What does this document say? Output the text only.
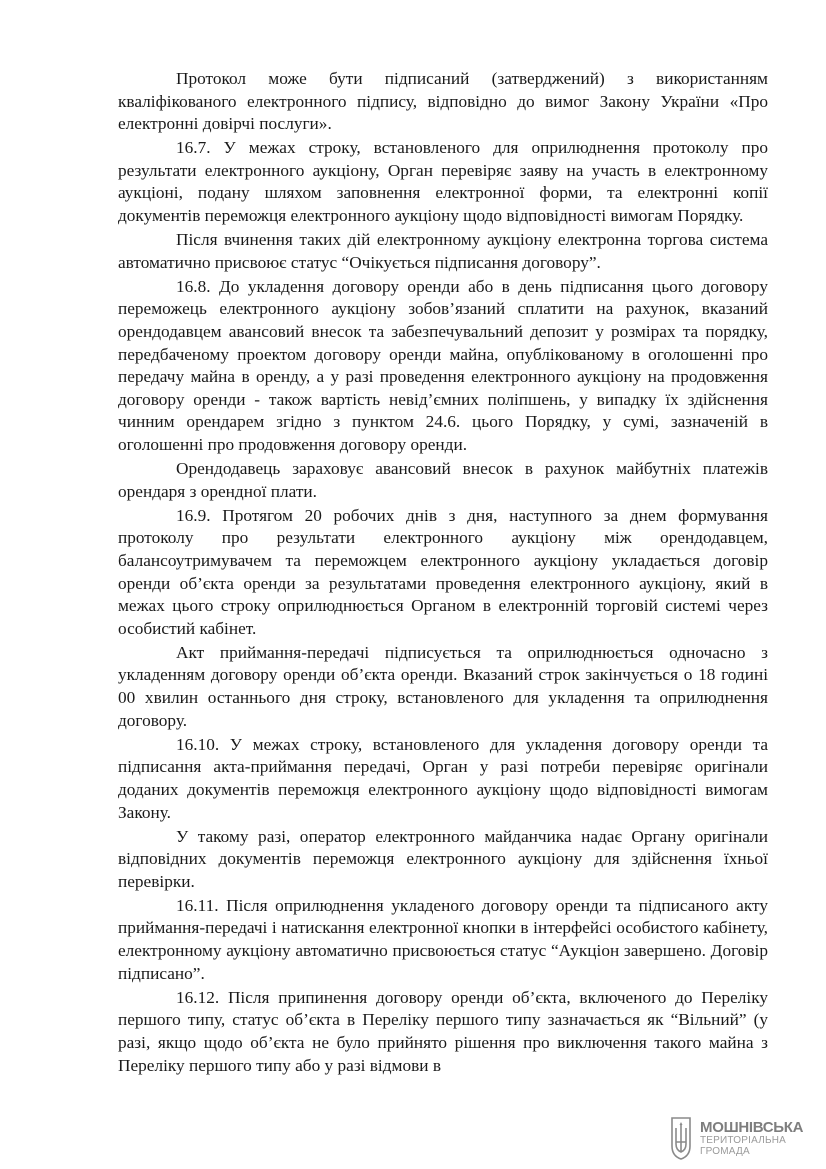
Протокол може бути підписаний (затверджений) з використанням кваліфікованого електронного підпису, відповідно до вимог Закону України «Про електронні довірчі послуги».

16.7. У межах строку, встановленого для оприлюднення протоколу про результати електронного аукціону, Орган перевіряє заяву на участь в електронному аукціоні, подану шляхом заповнення електронної форми, та електронні копії документів переможця електронного аукціону щодо відповідності вимогам Порядку.

Після вчинення таких дій електронному аукціону електронна торгова система автоматично присвоює статус “Очікується підписання договору”.

16.8. До укладення договору оренди або в день підписання цього договору переможець електронного аукціону зобов’язаний сплатити на рахунок, вказаний орендодавцем авансовий внесок та забезпечувальний депозит у розмірах та порядку, передбаченому проектом договору оренди майна, опублікованому в оголошенні про передачу майна в оренду, а у разі проведення електронного аукціону на продовження договору оренди - також вартість невід’ємних поліпшень, у випадку їх здійснення чинним орендарем згідно з пунктом 24.6. цього Порядку, у сумі, зазначеній в оголошенні про продовження договору оренди.

Орендодавець зараховує авансовий внесок в рахунок майбутніх платежів орендаря з орендної плати.

16.9. Протягом 20 робочих днів з дня, наступного за днем формування протоколу про результати електронного аукціону між орендодавцем, балансоутримувачем та переможцем електронного аукціону укладається договір оренди об’єкта оренди за результатами проведення електронного аукціону, який в межах цього строку оприлюднюється Органом в електронній торговій системі через особистий кабінет.

Акт приймання-передачі підписується та оприлюднюється одночасно з укладенням договору оренди об’єкта оренди. Вказаний строк закінчується о 18 годині 00 хвилин останнього дня строку, встановленого для укладення та оприлюднення договору.

16.10. У межах строку, встановленого для укладення договору оренди та підписання акта-приймання передачі, Орган у разі потреби перевіряє оригінали доданих документів переможця електронного аукціону щодо відповідності вимогам Закону.

У такому разі, оператор електронного майданчика надає Органу оригінали відповідних документів переможця електронного аукціону для здійснення їхньої перевірки.

16.11. Після оприлюднення укладеного договору оренди та підписаного акту приймання-передачі і натискання електронної кнопки в інтерфейсі особистого кабінету, електронному аукціону автоматично присвоюється статус “Аукціон завершено. Договір підписано”.

16.12. Після припинення договору оренди об’єкта, включеного до Переліку першого типу, статус об’єкта в Переліку першого типу зазначається як “Вільний” (у разі, якщо щодо об’єкта не було прийнято рішення про виключення такого майна з Переліку першого типу або у разі відмови в

МОШНІВСЬКА
ТЕРИТОРІАЛЬНА
ГРОМАДА
